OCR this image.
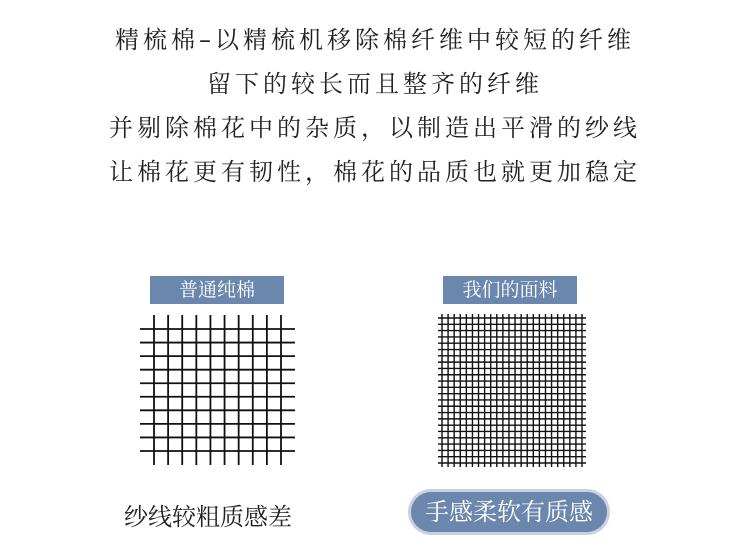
精梳棉–以精梳机移除棉纤维中较短的纤维
留下的较长而且整齐的纤维
并剔除棉花中的杂质，以制造出平滑的纱线
让棉花更有韧性，棉花的品质也就更加稳定
普通纯棉
纱线较粗质感差
我们的面料
手感柔软有质感
